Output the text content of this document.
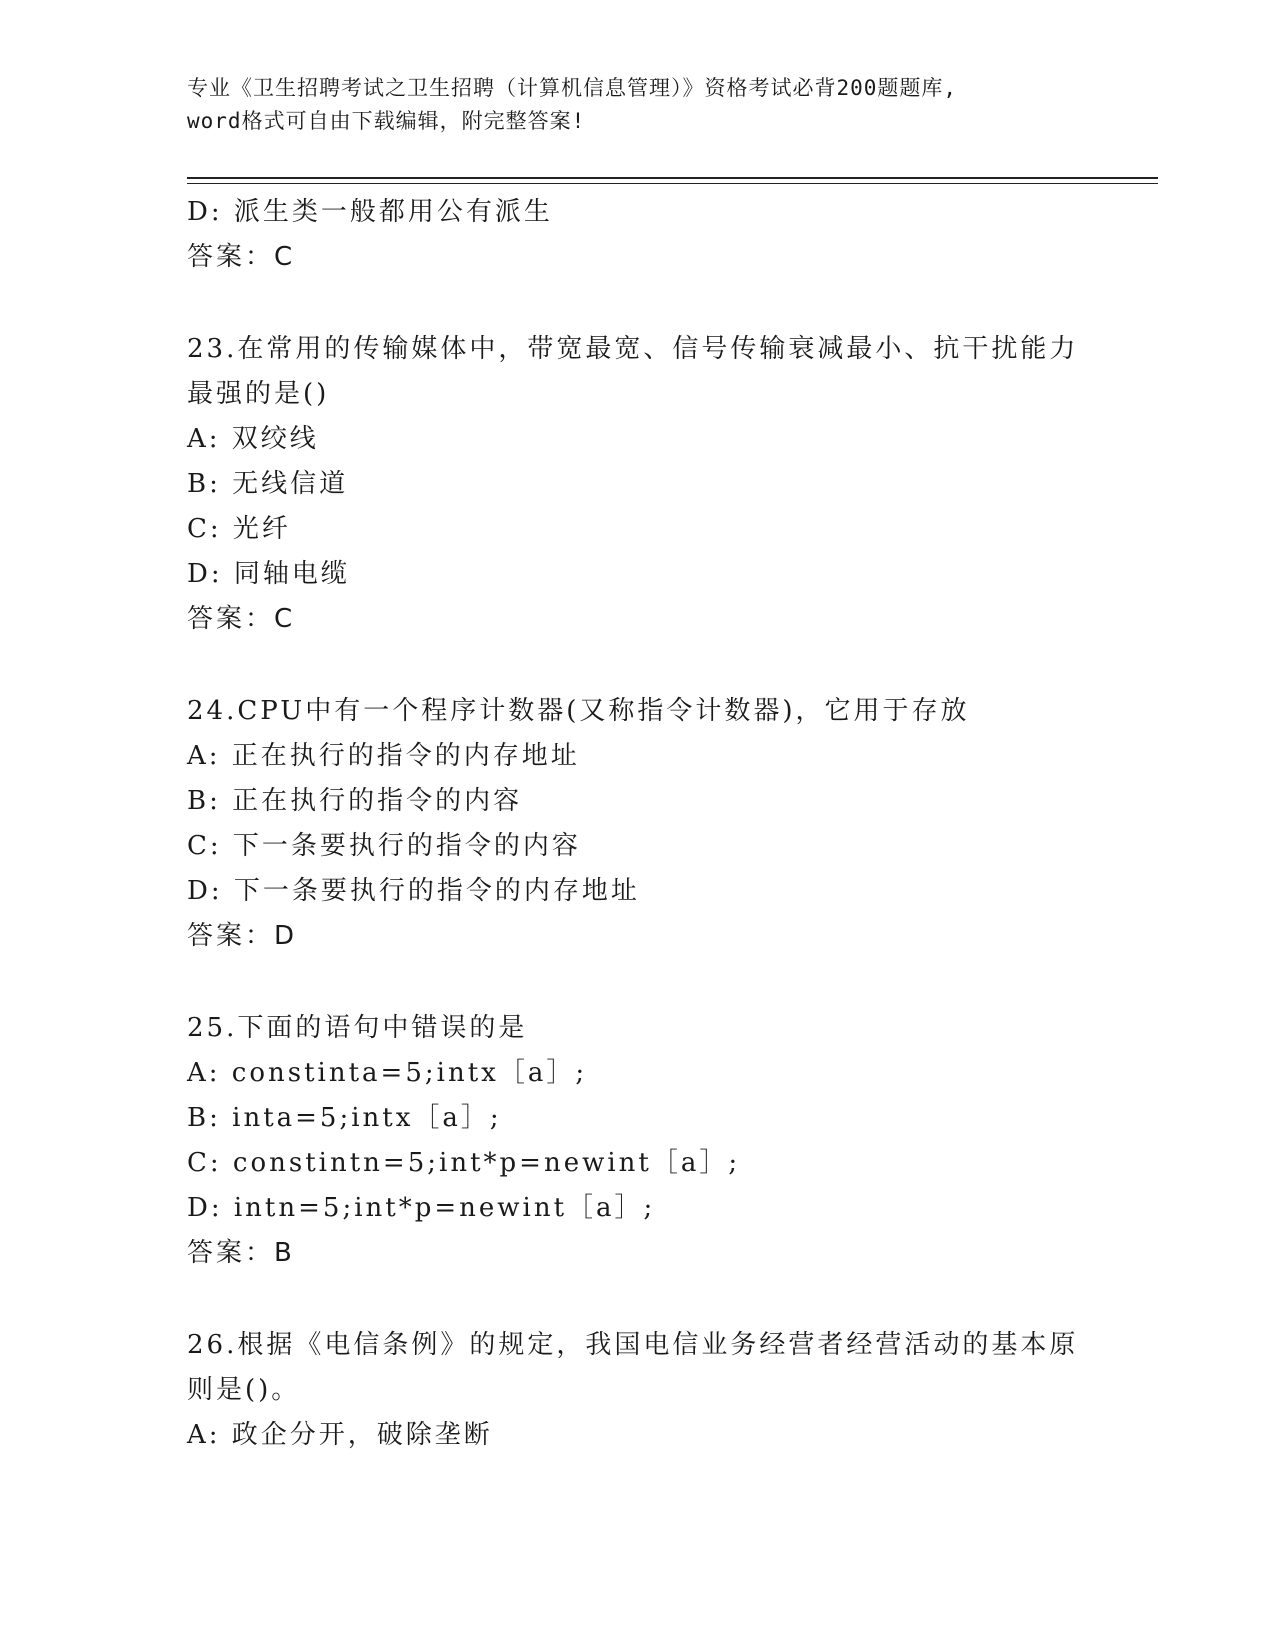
专业《卫生招聘考试之卫生招聘（计算机信息管理）》资格考试必背200题题库,
word格式可自由下载编辑，附完整答案!
D: 派生类一般都用公有派生
答案：C
23.在常用的传输媒体中，带宽最宽、信号传输衰减最小、抗干扰能力
最强的是()
A: 双绞线
B: 无线信道
C: 光纤
D: 同轴电缆
答案：C
24.CPU中有一个程序计数器(又称指令计数器)，它用于存放
A: 正在执行的指令的内存地址
B: 正在执行的指令的内容
C: 下一条要执行的指令的内容
D: 下一条要执行的指令的内存地址
答案：D
25.下面的语句中错误的是
A: constinta=5;intx［a］;
B: inta=5;intx［a］;
C: constintn=5;int*p=newint［a］;
D: intn=5;int*p=newint［a］;
答案：B
26.根据《电信条例》的规定，我国电信业务经营者经营活动的基本原
则是()。
A: 政企分开，破除垄断
